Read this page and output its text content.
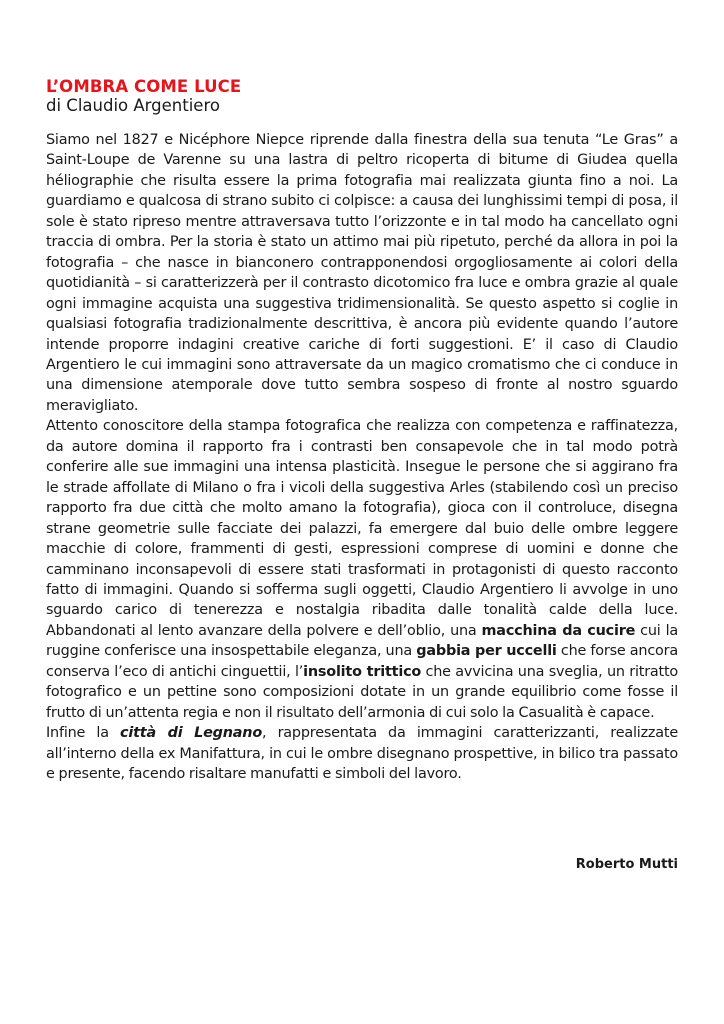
L’OMBRA COME LUCE
di Claudio Argentiero

Siamo nel 1827 e Nicéphore Niepce riprende dalla finestra della sua tenuta “Le Gras” a Saint-Loupe de Varenne su una lastra di peltro ricoperta di bitume di Giudea quella héliographie che risulta essere la prima fotografia mai realizzata giunta fino a noi. La guardiamo e qualcosa di strano subito ci colpisce: a causa dei lunghissimi tempi di posa, il sole è stato ripreso mentre attraversava tutto l’orizzonte e in tal modo ha cancellato ogni traccia di ombra. Per la storia è stato un attimo mai più ripetuto, perché da allora in poi la fotografia – che nasce in bianconero contrapponendosi orgogliosamente ai colori della quotidianità – si caratterizzerà per il contrasto dicotomico fra luce e ombra grazie al quale ogni immagine acquista una suggestiva tridimensionalità. Se questo aspetto si coglie in qualsiasi fotografia tradizionalmente descrittiva, è ancora più evidente quando l’autore intende proporre indagini creative cariche di forti suggestioni. E’ il caso di Claudio Argentiero le cui immagini sono attraversate da un magico cromatismo che ci conduce in una dimensione atemporale dove tutto sembra sospeso di fronte al nostro sguardo meravigliato.

Attento conoscitore della stampa fotografica che realizza con competenza e raffinatezza, da autore domina il rapporto fra i contrasti ben consapevole che in tal modo potrà conferire alle sue immagini una intensa plasticità. Insegue le persone che si aggirano fra le strade affollate di Milano o fra i vicoli della suggestiva Arles (stabilendo così un preciso rapporto fra due città che molto amano la fotografia), gioca con il controluce, disegna strane geometrie sulle facciate dei palazzi, fa emergere dal buio delle ombre leggere macchie di colore, frammenti di gesti, espressioni comprese di uomini e donne che camminano inconsapevoli di essere stati trasformati in protagonisti di questo racconto fatto di immagini. Quando si sofferma sugli oggetti, Claudio Argentiero li avvolge in uno sguardo carico di tenerezza e nostalgia ribadita dalle tonalità calde della luce. Abbandonati al lento avanzare della polvere e dell’oblio, una macchina da cucire cui la ruggine conferisce una insospettabile eleganza, una gabbia per uccelli che forse ancora conserva l’eco di antichi cinguettii, l’insolito trittico che avvicina una sveglia, un ritratto fotografico e un pettine sono composizioni dotate in un grande equilibrio come fosse il frutto di un’attenta regia e non il risultato dell’armonia di cui solo la Casualità è capace.

Infine la città di Legnano, rappresentata da immagini caratterizzanti, realizzate all’interno della ex Manifattura, in cui le ombre disegnano prospettive, in bilico tra passato e presente, facendo risaltare manufatti e simboli del lavoro.

Roberto Mutti
